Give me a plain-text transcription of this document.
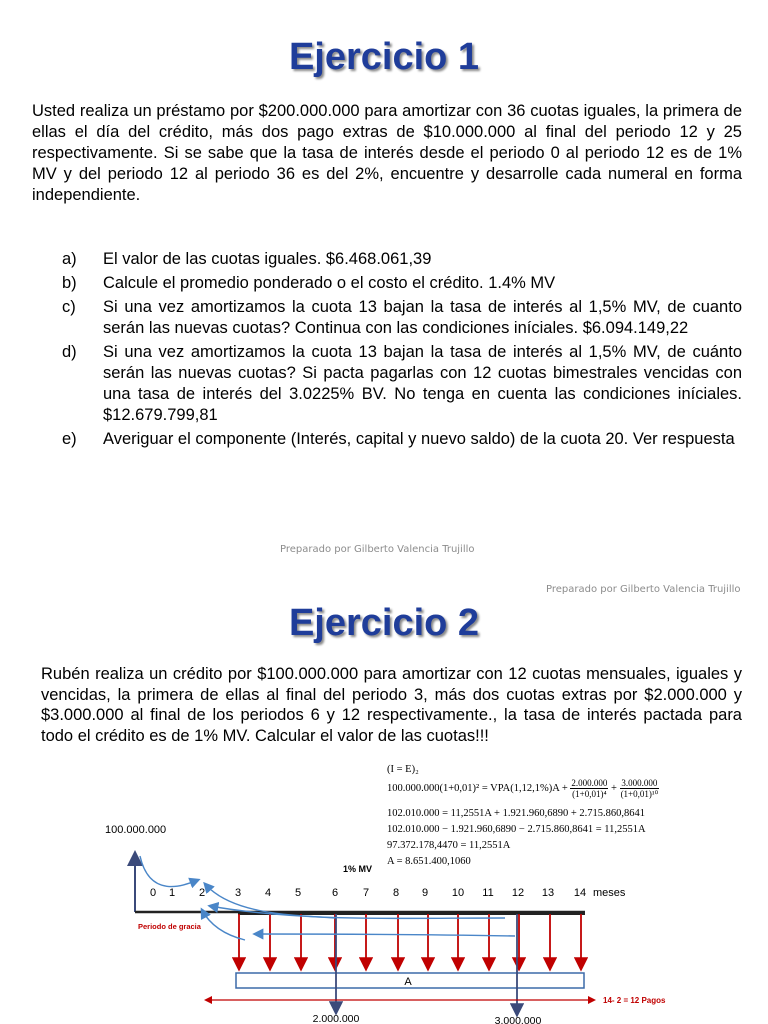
Ejercicio 1
Usted realiza un préstamo por $200.000.000 para amortizar con 36 cuotas iguales, la primera de ellas el día del crédito, más dos pago extras de $10.000.000 al final del periodo 12 y 25 respectivamente. Si se sabe que la tasa de interés desde el periodo 0 al periodo 12 es de 1% MV y del periodo 12 al periodo 36 es del 2%, encuentre y desarrolle cada numeral en forma independiente.
a)	El valor de las cuotas iguales. $6.468.061,39
b)	Calcule el promedio ponderado o el costo el crédito. 1.4% MV
c)	Si una vez amortizamos la cuota 13 bajan la tasa de interés al 1,5% MV, de cuanto serán las nuevas cuotas? Continua con las condiciones iníciales. $6.094.149,22
d)	Si una vez amortizamos la cuota 13 bajan la tasa de interés al 1,5% MV, de cuánto serán las nuevas cuotas? Si pacta pagarlas con 12 cuotas bimestrales vencidas con una tasa de interés del 3.0225% BV. No tenga en cuenta las condiciones iníciales. $12.679.799,81
e)	Averiguar el componente (Interés, capital y nuevo saldo) de la cuota 20. Ver respuesta
Preparado por Gilberto Valencia Trujillo
Preparado por Gilberto Valencia Trujillo
Ejercicio 2
Rubén realiza un crédito por $100.000.000 para amortizar con 12 cuotas mensuales, iguales y vencidas, la primera de ellas al final del periodo 3, más dos cuotas extras por $2.000.000 y $3.000.000 al final de los periodos 6 y 12 respectivamente., la tasa de interés pactada para todo el crédito es de 1% MV. Calcular el valor de las cuotas!!!
(I = E)₂
$100.000.000(1+0,01)^2 = VPA(1,12,1\%)A + \frac{2.000.000}{\text{(1+0,01)⁴}} + \frac{3.000.000}{\text{(1+0,01)¹⁰}}$
102.010.000 = 11,2551A + 1.921.960,6890 + 2.715.860,8641
102.010.000 − 1.921.960,6890 − 2.715.860,8641 = 11,2551A
97.372.178,4470 = 11,2551A
A = 8.651.400,1060
100.000.000
1% MV
0 1 2	3 4 5	6 7 8 9 10 11 12 13 14 meses
A
2.000.000	3.000.000
Periodo de gracia
14- 2 = 12 Pagos
